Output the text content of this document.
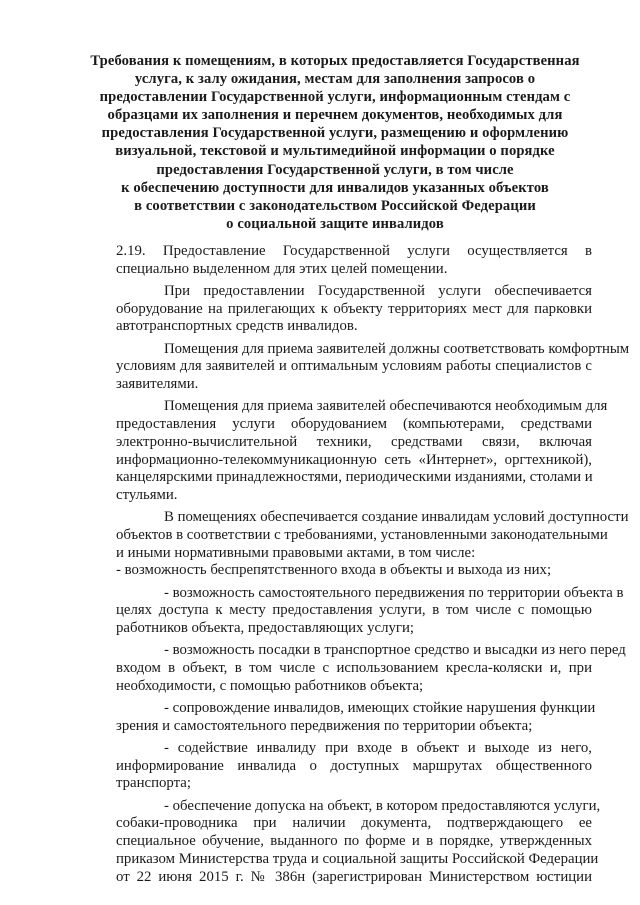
Требования к помещениям, в которых предоставляется Государственная
услуга, к залу ожидания, местам для заполнения запросов о
предоставлении Государственной услуги, информационным стендам с
образцами их заполнения и перечнем документов, необходимых для
предоставления Государственной услуги, размещению и оформлению
визуальной, текстовой и мультимедийной информации о порядке
предоставления Государственной услуги, в том числе
к обеспечению доступности для инвалидов указанных объектов
в соответствии с законодательством Российской Федерации
о социальной защите инвалидов

2.19. Предоставление Государственной услуги осуществляется в
специально выделенном для этих целей помещении.

При предоставлении Государственной услуги обеспечивается
оборудование на прилегающих к объекту территориях мест для парковки
автотранспортных средств инвалидов.

Помещения для приема заявителей должны соответствовать комфортным
условиям для заявителей и оптимальным условиям работы специалистов с
заявителями.

Помещения для приема заявителей обеспечиваются необходимым для
предоставления услуги оборудованием (компьютерами, средствами
электронно-вычислительной техники, средствами связи, включая
информационно-телекоммуникационную сеть «Интернет», оргтехникой),
канцелярскими принадлежностями, периодическими изданиями, столами и
стульями.

В помещениях обеспечивается создание инвалидам условий доступности
объектов в соответствии с требованиями, установленными законодательными
и иными нормативными правовыми актами, в том числе:
- возможность беспрепятственного входа в объекты и выхода из них;

- возможность самостоятельного передвижения по территории объекта в
целях доступа к месту предоставления услуги, в том числе с помощью
работников объекта, предоставляющих услуги;

- возможность посадки в транспортное средство и высадки из него перед
входом в объект, в том числе с использованием кресла-коляски и, при
необходимости, с помощью работников объекта;

- сопровождение инвалидов, имеющих стойкие нарушения функции
зрения и самостоятельного передвижения по территории объекта;

- содействие инвалиду при входе в объект и выходе из него,
информирование инвалида о доступных маршрутах общественного
транспорта;

- обеспечение допуска на объект, в котором предоставляются услуги,
собаки-проводника при наличии документа, подтверждающего ее
специальное обучение, выданного по форме и в порядке, утвержденных
приказом Министерства труда и социальной защиты Российской Федерации
от 22 июня 2015 г. № 386н (зарегистрирован Министерством юстиции
